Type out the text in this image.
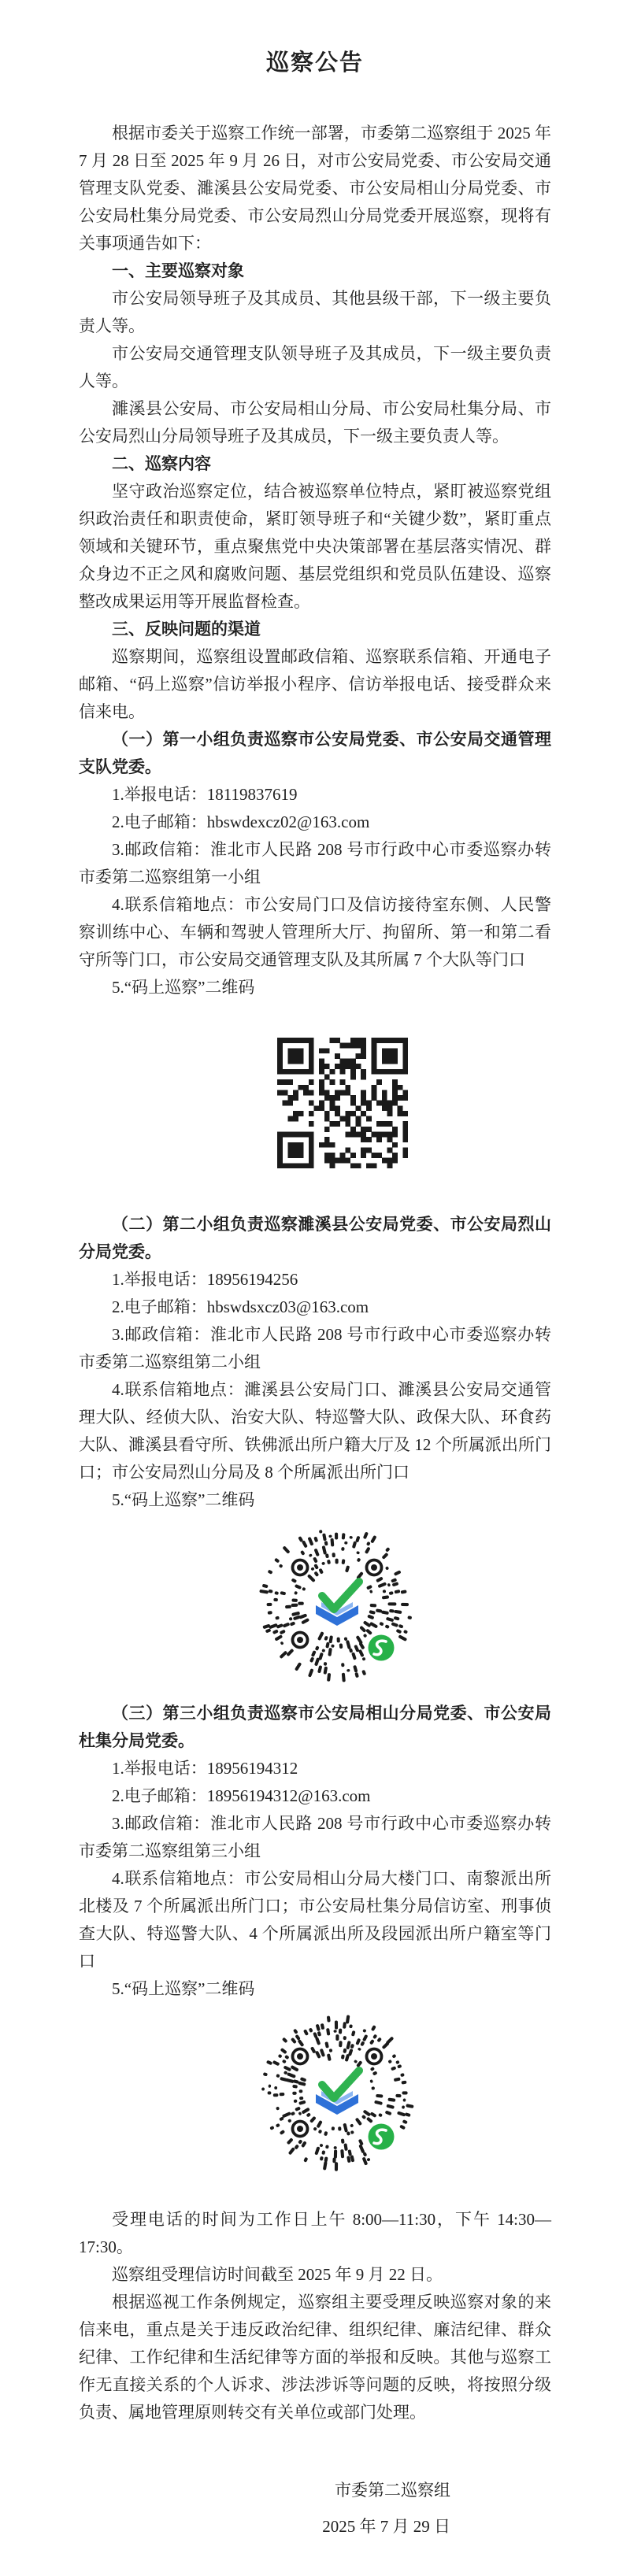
巡察公告

根据市委关于巡察工作统一部署，市委第二巡察组于 2025 年 7 月 28 日至 2025 年 9 月 26 日，对市公安局党委、市公安局交通管理支队党委、濉溪县公安局党委、市公安局相山分局党委、市公安局杜集分局党委、市公安局烈山分局党委开展巡察，现将有关事项通告如下：

一、主要巡察对象

市公安局领导班子及其成员、其他县级干部，下一级主要负责人等。

市公安局交通管理支队领导班子及其成员，下一级主要负责人等。

濉溪县公安局、市公安局相山分局、市公安局杜集分局、市公安局烈山分局领导班子及其成员，下一级主要负责人等。

二、巡察内容

坚守政治巡察定位，结合被巡察单位特点，紧盯被巡察党组织政治责任和职责使命，紧盯领导班子和“关键少数”，紧盯重点领域和关键环节，重点聚焦党中央决策部署在基层落实情况、群众身边不正之风和腐败问题、基层党组织和党员队伍建设、巡察整改成果运用等开展监督检查。

三、反映问题的渠道

巡察期间，巡察组设置邮政信箱、巡察联系信箱、开通电子邮箱、“码上巡察”信访举报小程序、信访举报电话、接受群众来信来电。

（一）第一小组负责巡察市公安局党委、市公安局交通管理支队党委。

1.举报电话：18119837619

2.电子邮箱：hbswdexcz02@163.com

3.邮政信箱：淮北市人民路 208 号市行政中心市委巡察办转市委第二巡察组第一小组

4.联系信箱地点：市公安局门口及信访接待室东侧、人民警察训练中心、车辆和驾驶人管理所大厅、拘留所、第一和第二看守所等门口，市公安局交通管理支队及其所属 7 个大队等门口

5.“码上巡察”二维码

（二）第二小组负责巡察濉溪县公安局党委、市公安局烈山分局党委。

1.举报电话：18956194256

2.电子邮箱：hbswdsxcz03@163.com

3.邮政信箱：淮北市人民路 208 号市行政中心市委巡察办转市委第二巡察组第二小组

4.联系信箱地点：濉溪县公安局门口、濉溪县公安局交通管理大队、经侦大队、治安大队、特巡警大队、政保大队、环食药大队、濉溪县看守所、铁佛派出所户籍大厅及 12 个所属派出所门口；市公安局烈山分局及 8 个所属派出所门口

5.“码上巡察”二维码

（三）第三小组负责巡察市公安局相山分局党委、市公安局杜集分局党委。

1.举报电话：18956194312

2.电子邮箱：18956194312@163.com

3.邮政信箱：淮北市人民路 208 号市行政中心市委巡察办转市委第二巡察组第三小组

4.联系信箱地点：市公安局相山分局大楼门口、南黎派出所北楼及 7 个所属派出所门口；市公安局杜集分局信访室、刑事侦查大队、特巡警大队、4 个所属派出所及段园派出所户籍室等门口

5.“码上巡察”二维码

受理电话的时间为工作日上午 8:00—11:30，下午 14:30—17:30。

巡察组受理信访时间截至 2025 年 9 月 22 日。

根据巡视工作条例规定，巡察组主要受理反映巡察对象的来信来电，重点是关于违反政治纪律、组织纪律、廉洁纪律、群众纪律、工作纪律和生活纪律等方面的举报和反映。其他与巡察工作无直接关系的个人诉求、涉法涉诉等问题的反映，将按照分级负责、属地管理原则转交有关单位或部门处理。

市委第二巡察组

2025 年 7 月 29 日
